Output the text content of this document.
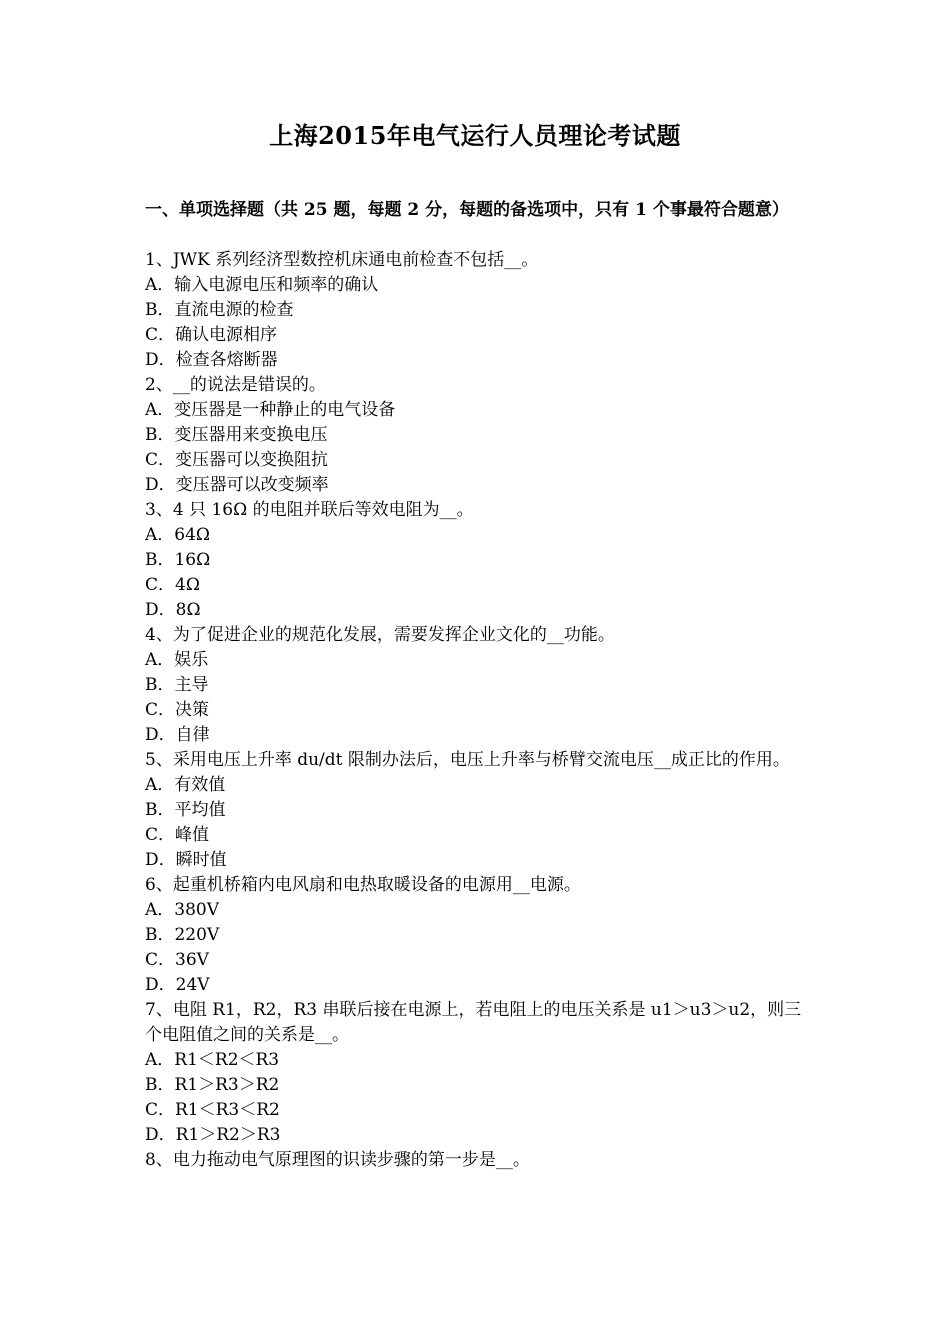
上海2015年电气运行人员理论考试题
一、单项选择题（共 25 题，每题 2 分，每题的备选项中，只有 1 个事最符合题意）
1、JWK 系列经济型数控机床通电前检查不包括__。
A．输入电源电压和频率的确认
B．直流电源的检查
C．确认电源相序
D．检查各熔断器
2、__的说法是错误的。
A．变压器是一种静止的电气设备
B．变压器用来变换电压
C．变压器可以变换阻抗
D．变压器可以改变频率
3、4 只 16Ω 的电阻并联后等效电阻为__。
A．64Ω
B．16Ω
C．4Ω
D．8Ω
4、为了促进企业的规范化发展，需要发挥企业文化的__功能。
A．娱乐
B．主导
C．决策
D．自律
5、采用电压上升率 du/dt 限制办法后，电压上升率与桥臂交流电压__成正比的作用。
A．有效值
B．平均值
C．峰值
D．瞬时值
6、起重机桥箱内电风扇和电热取暖设备的电源用__电源。
A．380V
B．220V
C．36V
D．24V
7、电阻 R1，R2，R3 串联后接在电源上，若电阻上的电压关系是 u1＞u3＞u2，则三个电阻值之间的关系是__。
A．R1＜R2＜R3
B．R1＞R3＞R2
C．R1＜R3＜R2
D．R1＞R2＞R3
8、电力拖动电气原理图的识读步骤的第一步是__。
